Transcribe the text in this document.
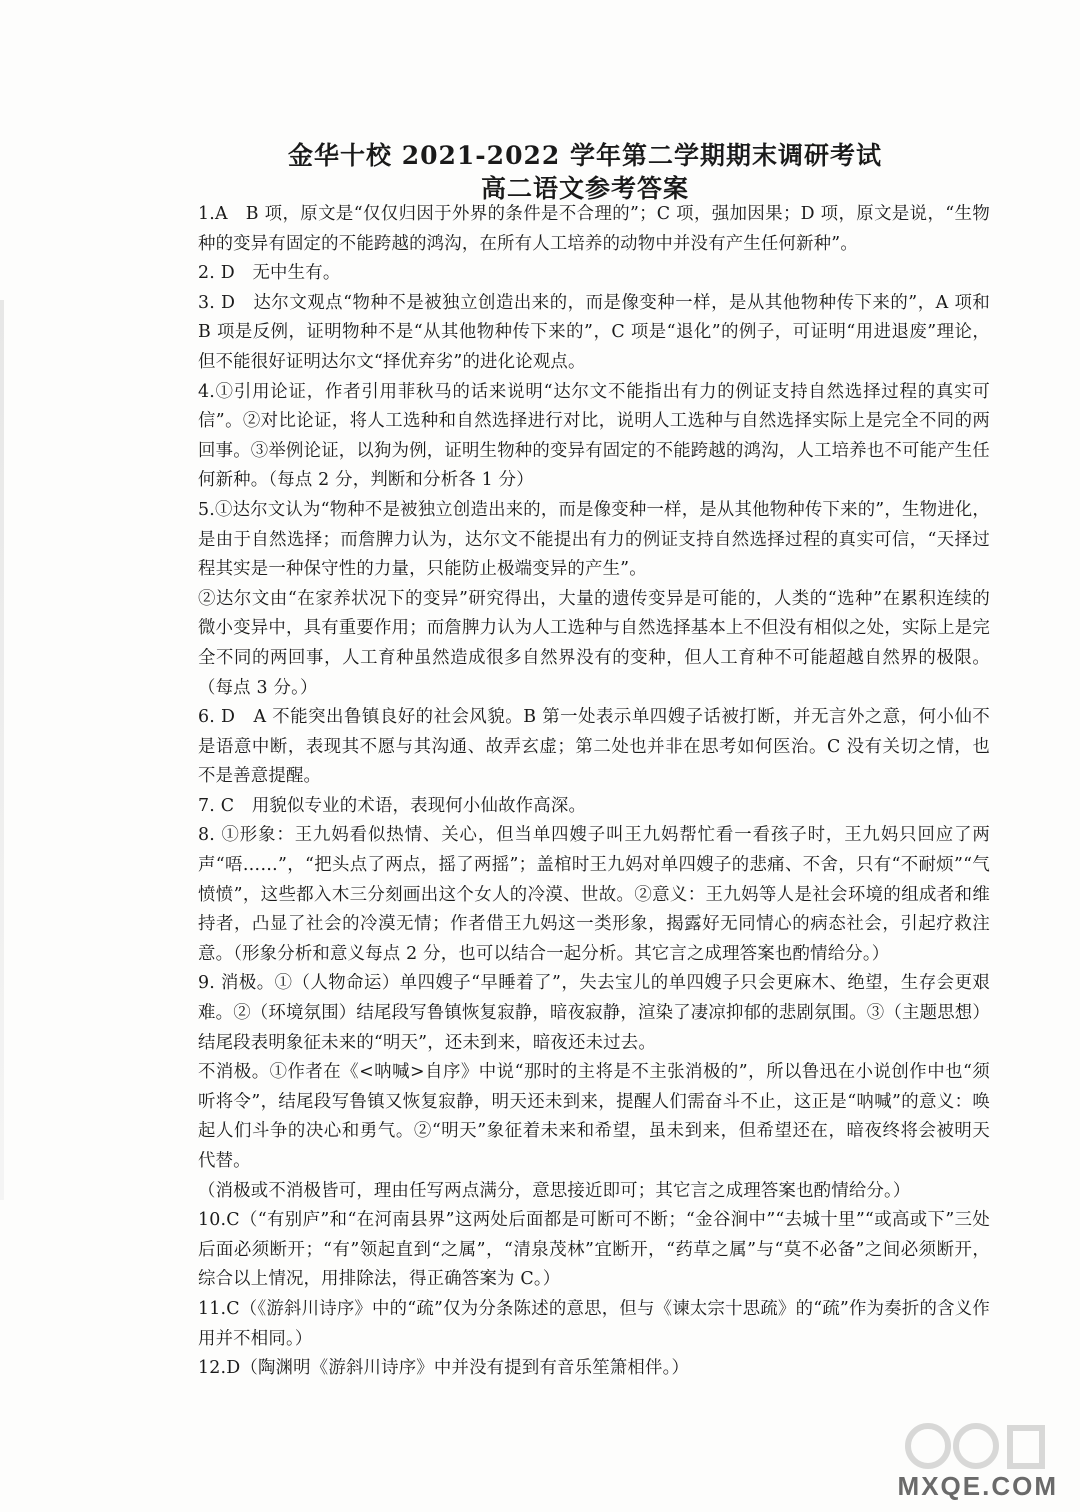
金华十校 2021-2022 学年第二学期期末调研考试
高二语文参考答案

1.A　B 项，原文是“仅仅归因于外界的条件是不合理的”；C 项，强加因果；D 项，原文是说，“生物种的变异有固定的不能跨越的鸿沟，在所有人工培养的动物中并没有产生任何新种”。

2. D　无中生有。

3. D　达尔文观点“物种不是被独立创造出来的，而是像变种一样，是从其他物种传下来的”，A 项和 B 项是反例，证明物种不是“从其他物种传下来的”，C 项是“退化”的例子，可证明“用进退废”理论，但不能很好证明达尔文“择优弃劣”的进化论观点。

4.①引用论证，作者引用菲秋马的话来说明“达尔文不能指出有力的例证支持自然选择过程的真实可信”。②对比论证，将人工选种和自然选择进行对比，说明人工选种与自然选择实际上是完全不同的两回事。③举例论证，以狗为例，证明生物种的变异有固定的不能跨越的鸿沟，人工培养也不可能产生任何新种。（每点 2 分，判断和分析各 1 分）

5.①达尔文认为“物种不是被独立创造出来的，而是像变种一样，是从其他物种传下来的”，生物进化，是由于自然选择；而詹脾力认为，达尔文不能提出有力的例证支持自然选择过程的真实可信，“天择过程其实是一种保守性的力量，只能防止极端变异的产生”。

②达尔文由“在家养状况下的变异”研究得出，大量的遗传变异是可能的，人类的“选种”在累积连续的微小变异中，具有重要作用；而詹脾力认为人工选种与自然选择基本上不但没有相似之处，实际上是完全不同的两回事，人工育种虽然造成很多自然界没有的变种，但人工育种不可能超越自然界的极限。（每点 3 分。）

6. D　A 不能突出鲁镇良好的社会风貌。B 第一处表示单四嫂子话被打断，并无言外之意，何小仙不是语意中断，表现其不愿与其沟通、故弄玄虚；第二处也并非在思考如何医治。C 没有关切之情，也不是善意提醒。

7. C　用貌似专业的术语，表现何小仙故作高深。

8. ①形象：王九妈看似热情、关心，但当单四嫂子叫王九妈帮忙看一看孩子时，王九妈只回应了两声“唔……”，“把头点了两点，摇了两摇”；盖棺时王九妈对单四嫂子的悲痛、不舍，只有“不耐烦”“气愤愤”，这些都入木三分刻画出这个女人的冷漠、世故。②意义：王九妈等人是社会环境的组成者和维持者，凸显了社会的冷漠无情；作者借王九妈这一类形象，揭露好无同情心的病态社会，引起疗救注意。（形象分析和意义每点 2 分，也可以结合一起分析。其它言之成理答案也酌情给分。）

9. 消极。①（人物命运）单四嫂子“早睡着了”，失去宝儿的单四嫂子只会更麻木、绝望，生存会更艰难。②（环境氛围）结尾段写鲁镇恢复寂静，暗夜寂静，渲染了凄凉抑郁的悲剧氛围。③（主题思想）结尾段表明象征未来的“明天”，还未到来，暗夜还未过去。

不消极。①作者在《<呐喊>自序》中说“那时的主将是不主张消极的”，所以鲁迅在小说创作中也“须听将令”，结尾段写鲁镇又恢复寂静，明天还未到来，提醒人们需奋斗不止，这正是“呐喊”的意义：唤起人们斗争的决心和勇气。②“明天”象征着未来和希望，虽未到来，但希望还在，暗夜终将会被明天代替。

（消极或不消极皆可，理由任写两点满分，意思接近即可；其它言之成理答案也酌情给分。）

10.C（“有别庐”和“在河南县界”这两处后面都是可断可不断；“金谷涧中”“去城十里”“或高或下”三处后面必须断开；“有”领起直到“之属”，“清泉茂林”宜断开，“药草之属”与“莫不必备”之间必须断开，综合以上情况，用排除法，得正确答案为 C。）

11.C（《游斜川诗序》中的“疏”仅为分条陈述的意思，但与《谏太宗十思疏》的“疏”作为奏折的含义作用并不相同。）

12.D（陶渊明《游斜川诗序》中并没有提到有音乐笙箫相伴。）

MXQE.COM
